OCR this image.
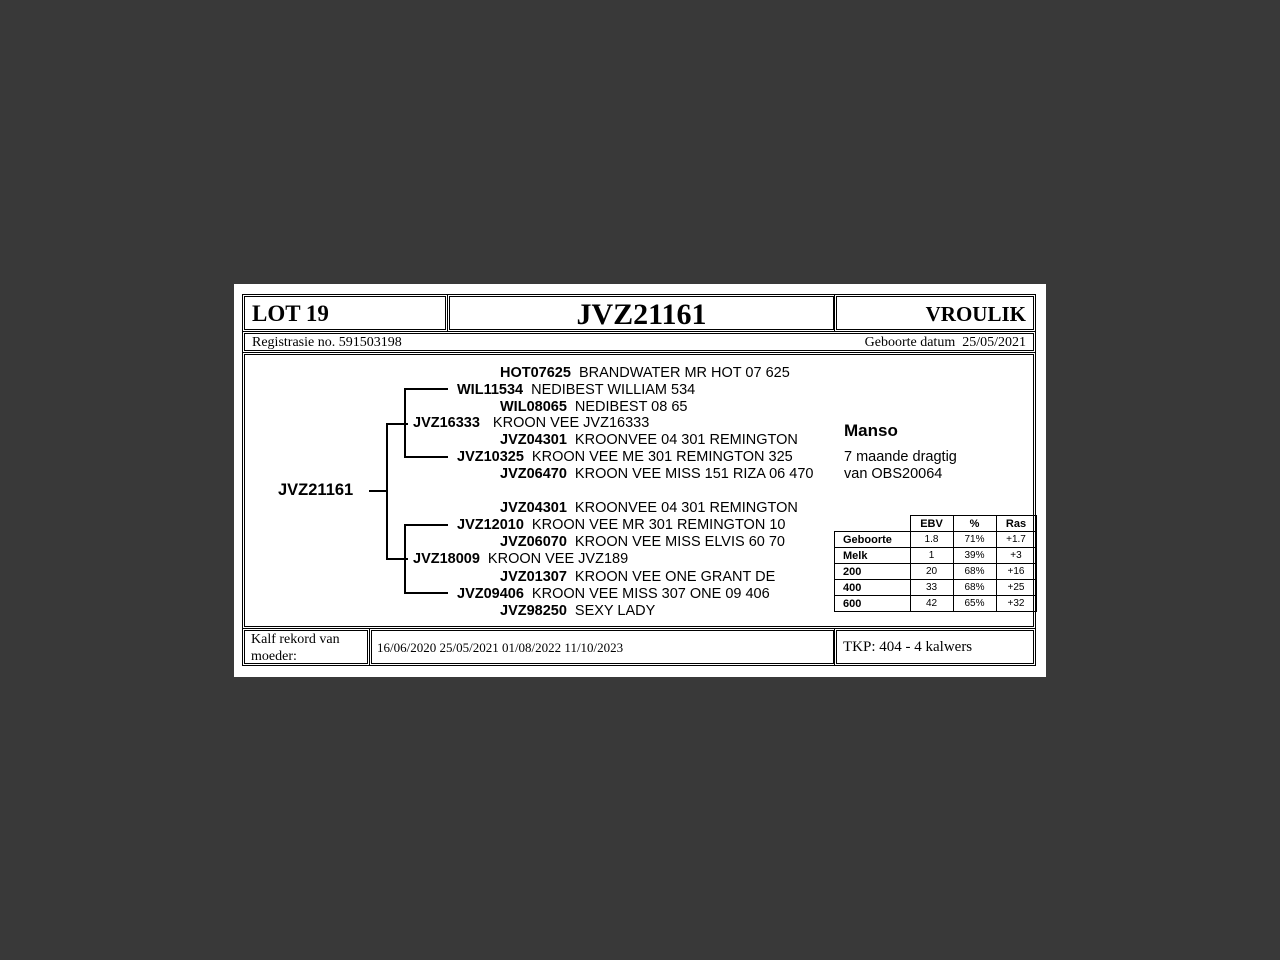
LOT 19	JVZ21161	VROULIK
Registrasie no. 591503198	Geboorte datum  25/05/2021
HOT07625 BRANDWATER MR HOT 07 625
WIL11534 NEDIBEST WILLIAM 534
WIL08065 NEDIBEST 08 65
JVZ16333 KROON VEE JVZ16333
JVZ04301 KROONVEE 04 301 REMINGTON
JVZ10325 KROON VEE ME 301 REMINGTON 325
JVZ06470 KROON VEE MISS 151 RIZA 06 470
JVZ04301 KROONVEE 04 301 REMINGTON
JVZ12010 KROON VEE MR 301 REMINGTON 10
JVZ06070 KROON VEE MISS ELVIS 60 70
JVZ18009 KROON VEE JVZ189
JVZ01307 KROON VEE ONE GRANT DE
JVZ09406 KROON VEE MISS 307 ONE 09 406
JVZ98250 SEXY LADY
JVZ21161
Manso
7 maande dragtig
van OBS20064
	EBV	%	Ras
Geboorte	1.8	71%	+1.7
Melk	1	39%	+3
200	20	68%	+16
400	33	68%	+25
600	42	65%	+32
Kalf rekord van
moeder:
16/06/2020 25/05/2021 01/08/2022 11/10/2023	TKP: 404 - 4 kalwers
